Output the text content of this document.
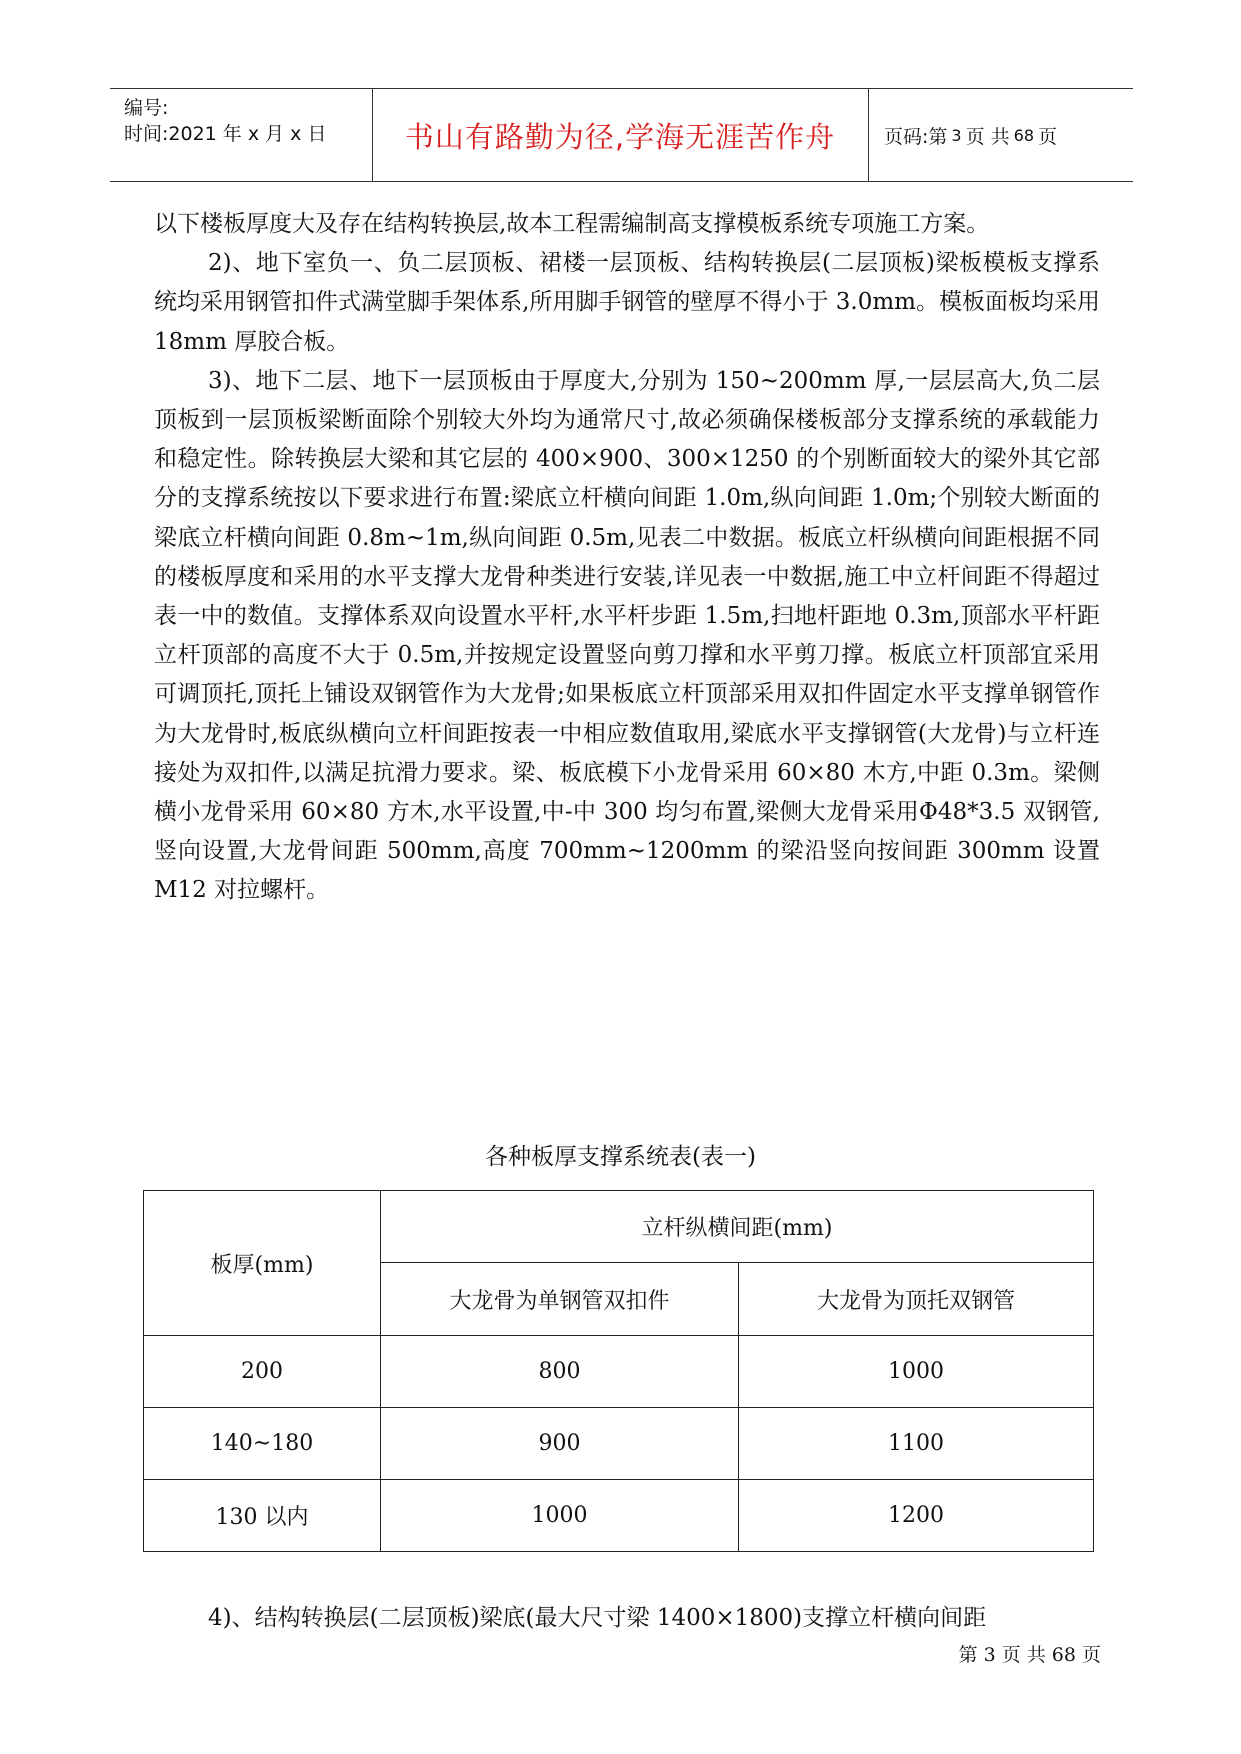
编号:
时间:2021 年 x 月 x 日	书山有路勤为径,学海无涯苦作舟	页码:第 3 页 共 68 页

以下楼板厚度大及存在结构转换层,故本工程需编制高支撑模板系统专项施工方案。

2)、地下室负一、负二层顶板、裙楼一层顶板、结构转换层(二层顶板)梁板模板支撑系统均采用钢管扣件式满堂脚手架体系,所用脚手钢管的壁厚不得小于 3.0mm。模板面板均采用 18mm 厚胶合板。

3)、地下二层、地下一层顶板由于厚度大,分别为 150~200mm 厚,一层层高大,负二层顶板到一层顶板梁断面除个别较大外均为通常尺寸,故必须确保楼板部分支撑系统的承载能力和稳定性。除转换层大梁和其它层的 400×900、300×1250 的个别断面较大的梁外其它部分的支撑系统按以下要求进行布置:梁底立杆横向间距 1.0m,纵向间距 1.0m;个别较大断面的梁底立杆横向间距 0.8m~1m,纵向间距 0.5m,见表二中数据。板底立杆纵横向间距根据不同的楼板厚度和采用的水平支撑大龙骨种类进行安装,详见表一中数据,施工中立杆间距不得超过表一中的数值。支撑体系双向设置水平杆,水平杆步距 1.5m,扫地杆距地 0.3m,顶部水平杆距立杆顶部的高度不大于 0.5m,并按规定设置竖向剪刀撑和水平剪刀撑。板底立杆顶部宜采用可调顶托,顶托上铺设双钢管作为大龙骨;如果板底立杆顶部采用双扣件固定水平支撑单钢管作为大龙骨时,板底纵横向立杆间距按表一中相应数值取用,梁底水平支撑钢管(大龙骨)与立杆连接处为双扣件,以满足抗滑力要求。梁、板底模下小龙骨采用 60×80 木方,中距 0.3m。梁侧横小龙骨采用 60×80 方木,水平设置,中-中 300 均匀布置,梁侧大龙骨采用Φ48*3.5 双钢管,竖向设置,大龙骨间距 500mm,高度 700mm~1200mm 的梁沿竖向按间距 300mm 设置 M12 对拉螺杆。

各种板厚支撑系统表(表一)
板厚(mm)	立杆纵横间距(mm)	
	大龙骨为单钢管双扣件	大龙骨为顶托双钢管
200	800	1000
140~180	900	1100
130 以内	1000	1200
4)、结构转换层(二层顶板)梁底(最大尺寸梁 1400×1800)支撑立杆横向间距
第 3 页 共 68 页
